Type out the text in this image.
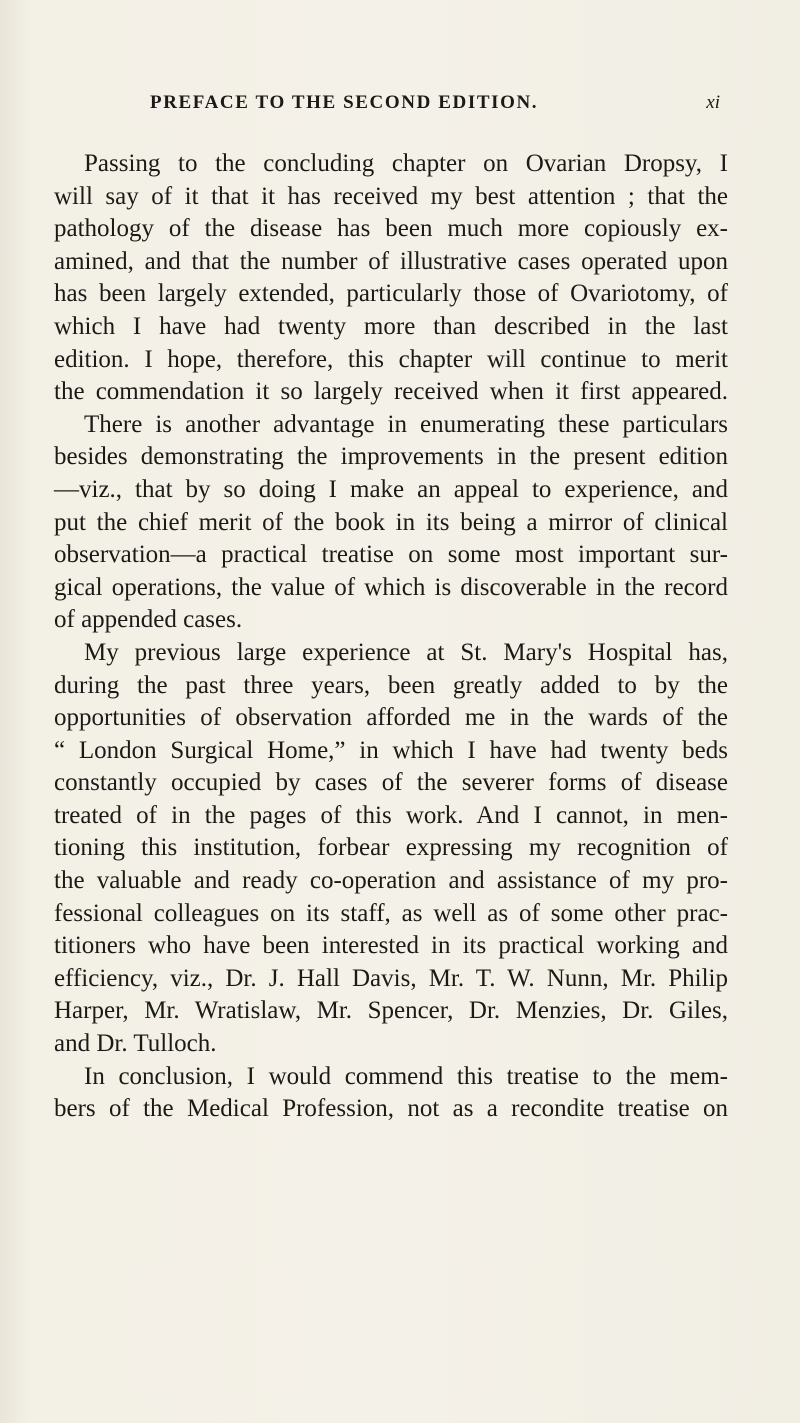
PREFACE TO THE SECOND EDITION.	xi
Passing to the concluding chapter on Ovarian Dropsy, I
will say of it that it has received my best attention ; that the
pathology of the disease has been much more copiously ex-
amined, and that the number of illustrative cases operated upon
has been largely extended, particularly those of Ovariotomy, of
which I have had twenty more than described in the last
edition. I hope, therefore, this chapter will continue to merit
the commendation it so largely received when it first appeared.
There is another advantage in enumerating these particulars
besides demonstrating the improvements in the present edition
—viz., that by so doing I make an appeal to experience, and
put the chief merit of the book in its being a mirror of clinical
observation—a practical treatise on some most important sur-
gical operations, the value of which is discoverable in the record
of appended cases.
My previous large experience at St. Mary's Hospital has,
during the past three years, been greatly added to by the
opportunities of observation afforded me in the wards of the
“ London Surgical Home,” in which I have had twenty beds
constantly occupied by cases of the severer forms of disease
treated of in the pages of this work. And I cannot, in men-
tioning this institution, forbear expressing my recognition of
the valuable and ready co-operation and assistance of my pro-
fessional colleagues on its staff, as well as of some other prac-
titioners who have been interested in its practical working and
efficiency, viz., Dr. J. Hall Davis, Mr. T. W. Nunn, Mr. Philip
Harper, Mr. Wratislaw, Mr. Spencer, Dr. Menzies, Dr. Giles,
and Dr. Tulloch.
In conclusion, I would commend this treatise to the mem-
bers of the Medical Profession, not as a recondite treatise on
